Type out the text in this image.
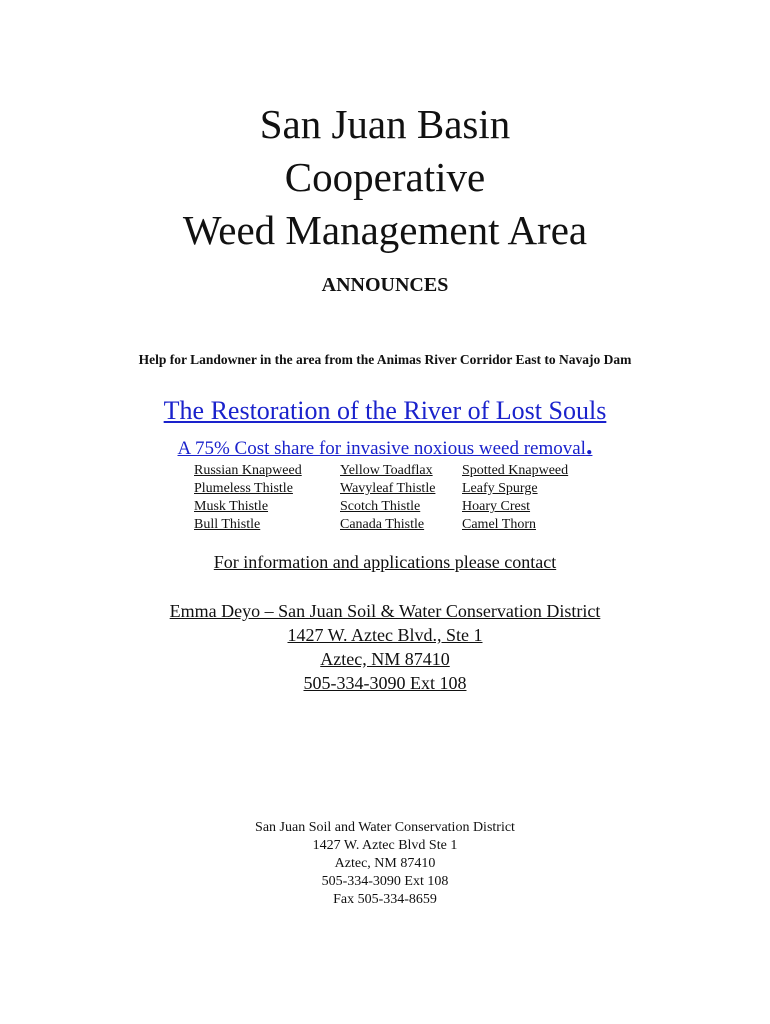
San Juan Basin
Cooperative
Weed Management Area
ANNOUNCES
Help for Landowner in the area from the Animas River Corridor East to Navajo Dam
The Restoration of the River of Lost Souls
A 75% Cost share for invasive noxious weed removal.
Russian Knapweed	Yellow Toadflax	Spotted Knapweed
Plumeless Thistle	Wavyleaf Thistle	Leafy Spurge
Musk Thistle	Scotch Thistle	Hoary Crest
Bull Thistle	Canada Thistle	Camel Thorn
For information and applications please contact
Emma Deyo – San Juan Soil & Water Conservation District
1427 W. Aztec Blvd., Ste 1
Aztec, NM 87410
505-334-3090 Ext 108
San Juan Soil and Water Conservation District
1427 W. Aztec Blvd Ste 1
Aztec, NM 87410
505-334-3090 Ext 108
Fax 505-334-8659
